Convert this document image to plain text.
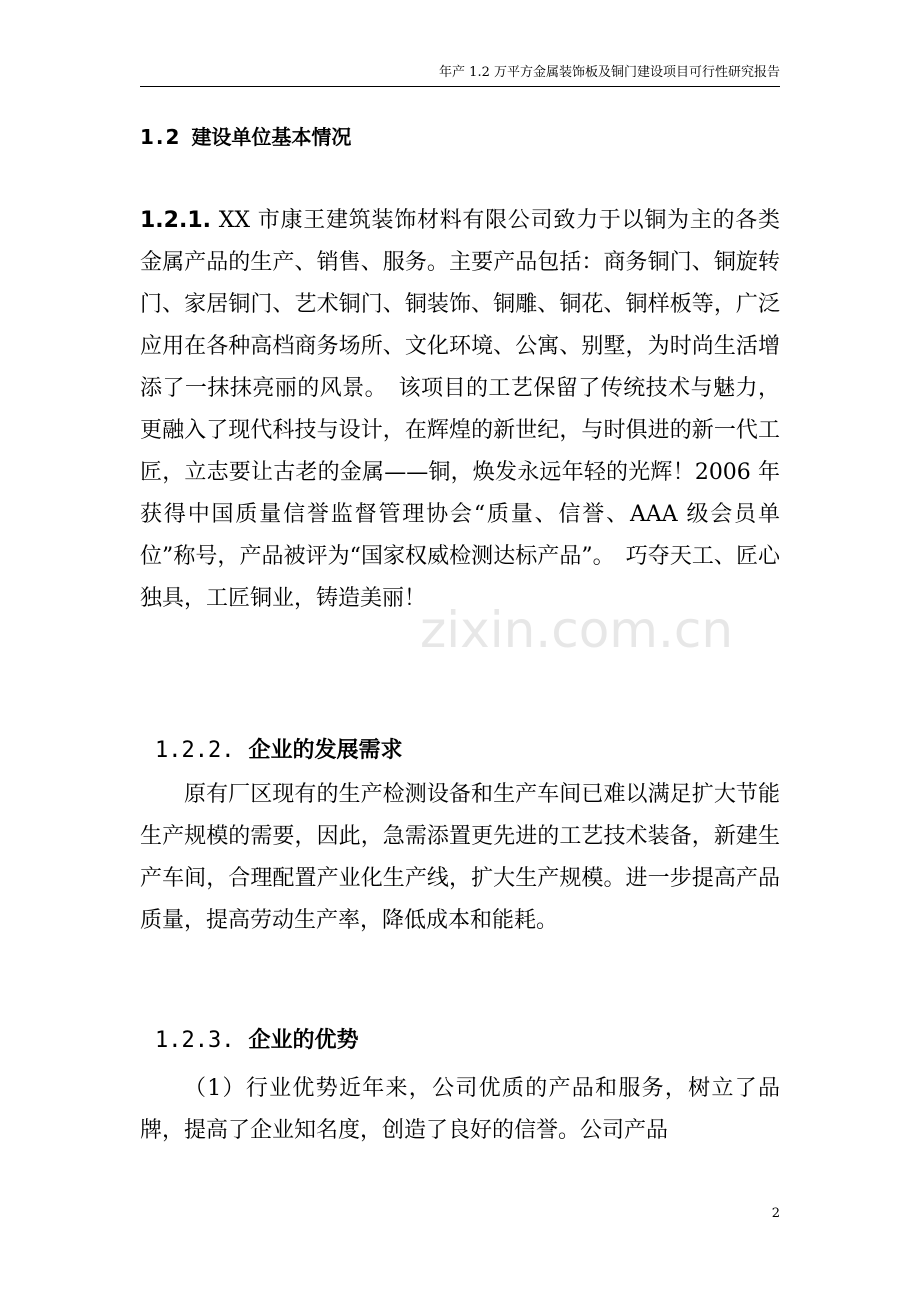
年产 1.2 万平方金属装饰板及铜门建设项目可行性研究报告
1.2 建设单位基本情况

1.2.1. XX 市康王建筑装饰材料有限公司致力于以铜为主的各类金属产品的生产、销售、服务。主要产品包括：商务铜门、铜旋转门、家居铜门、艺术铜门、铜装饰、铜雕、铜花、铜样板等，广泛应用在各种高档商务场所、文化环境、公寓、别墅，为时尚生活增添了一抹抹亮丽的风景。　该项目的工艺保留了传统技术与魅力，更融入了现代科技与设计，在辉煌的新世纪，与时俱进的新一代工匠，立志要让古老的金属——铜，焕发永远年轻的光辉！2006 年获得中国质量信誉监督管理协会“质量、信誉、AAA 级会员单位”称号，产品被评为“国家权威检测达标产品”。　巧夺天工、匠心独具，工匠铜业，铸造美丽！

1.2.2. 企业的发展需求

原有厂区现有的生产检测设备和生产车间已难以满足扩大节能生产规模的需要，因此，急需添置更先进的工艺技术装备，新建生产车间，合理配置产业化生产线，扩大生产规模。进一步提高产品质量，提高劳动生产率，降低成本和能耗。

1.2.3. 企业的优势

（1）行业优势近年来，公司优质的产品和服务，树立了品牌，提高了企业知名度，创造了良好的信誉。公司产品

zixin.com.cn
2
